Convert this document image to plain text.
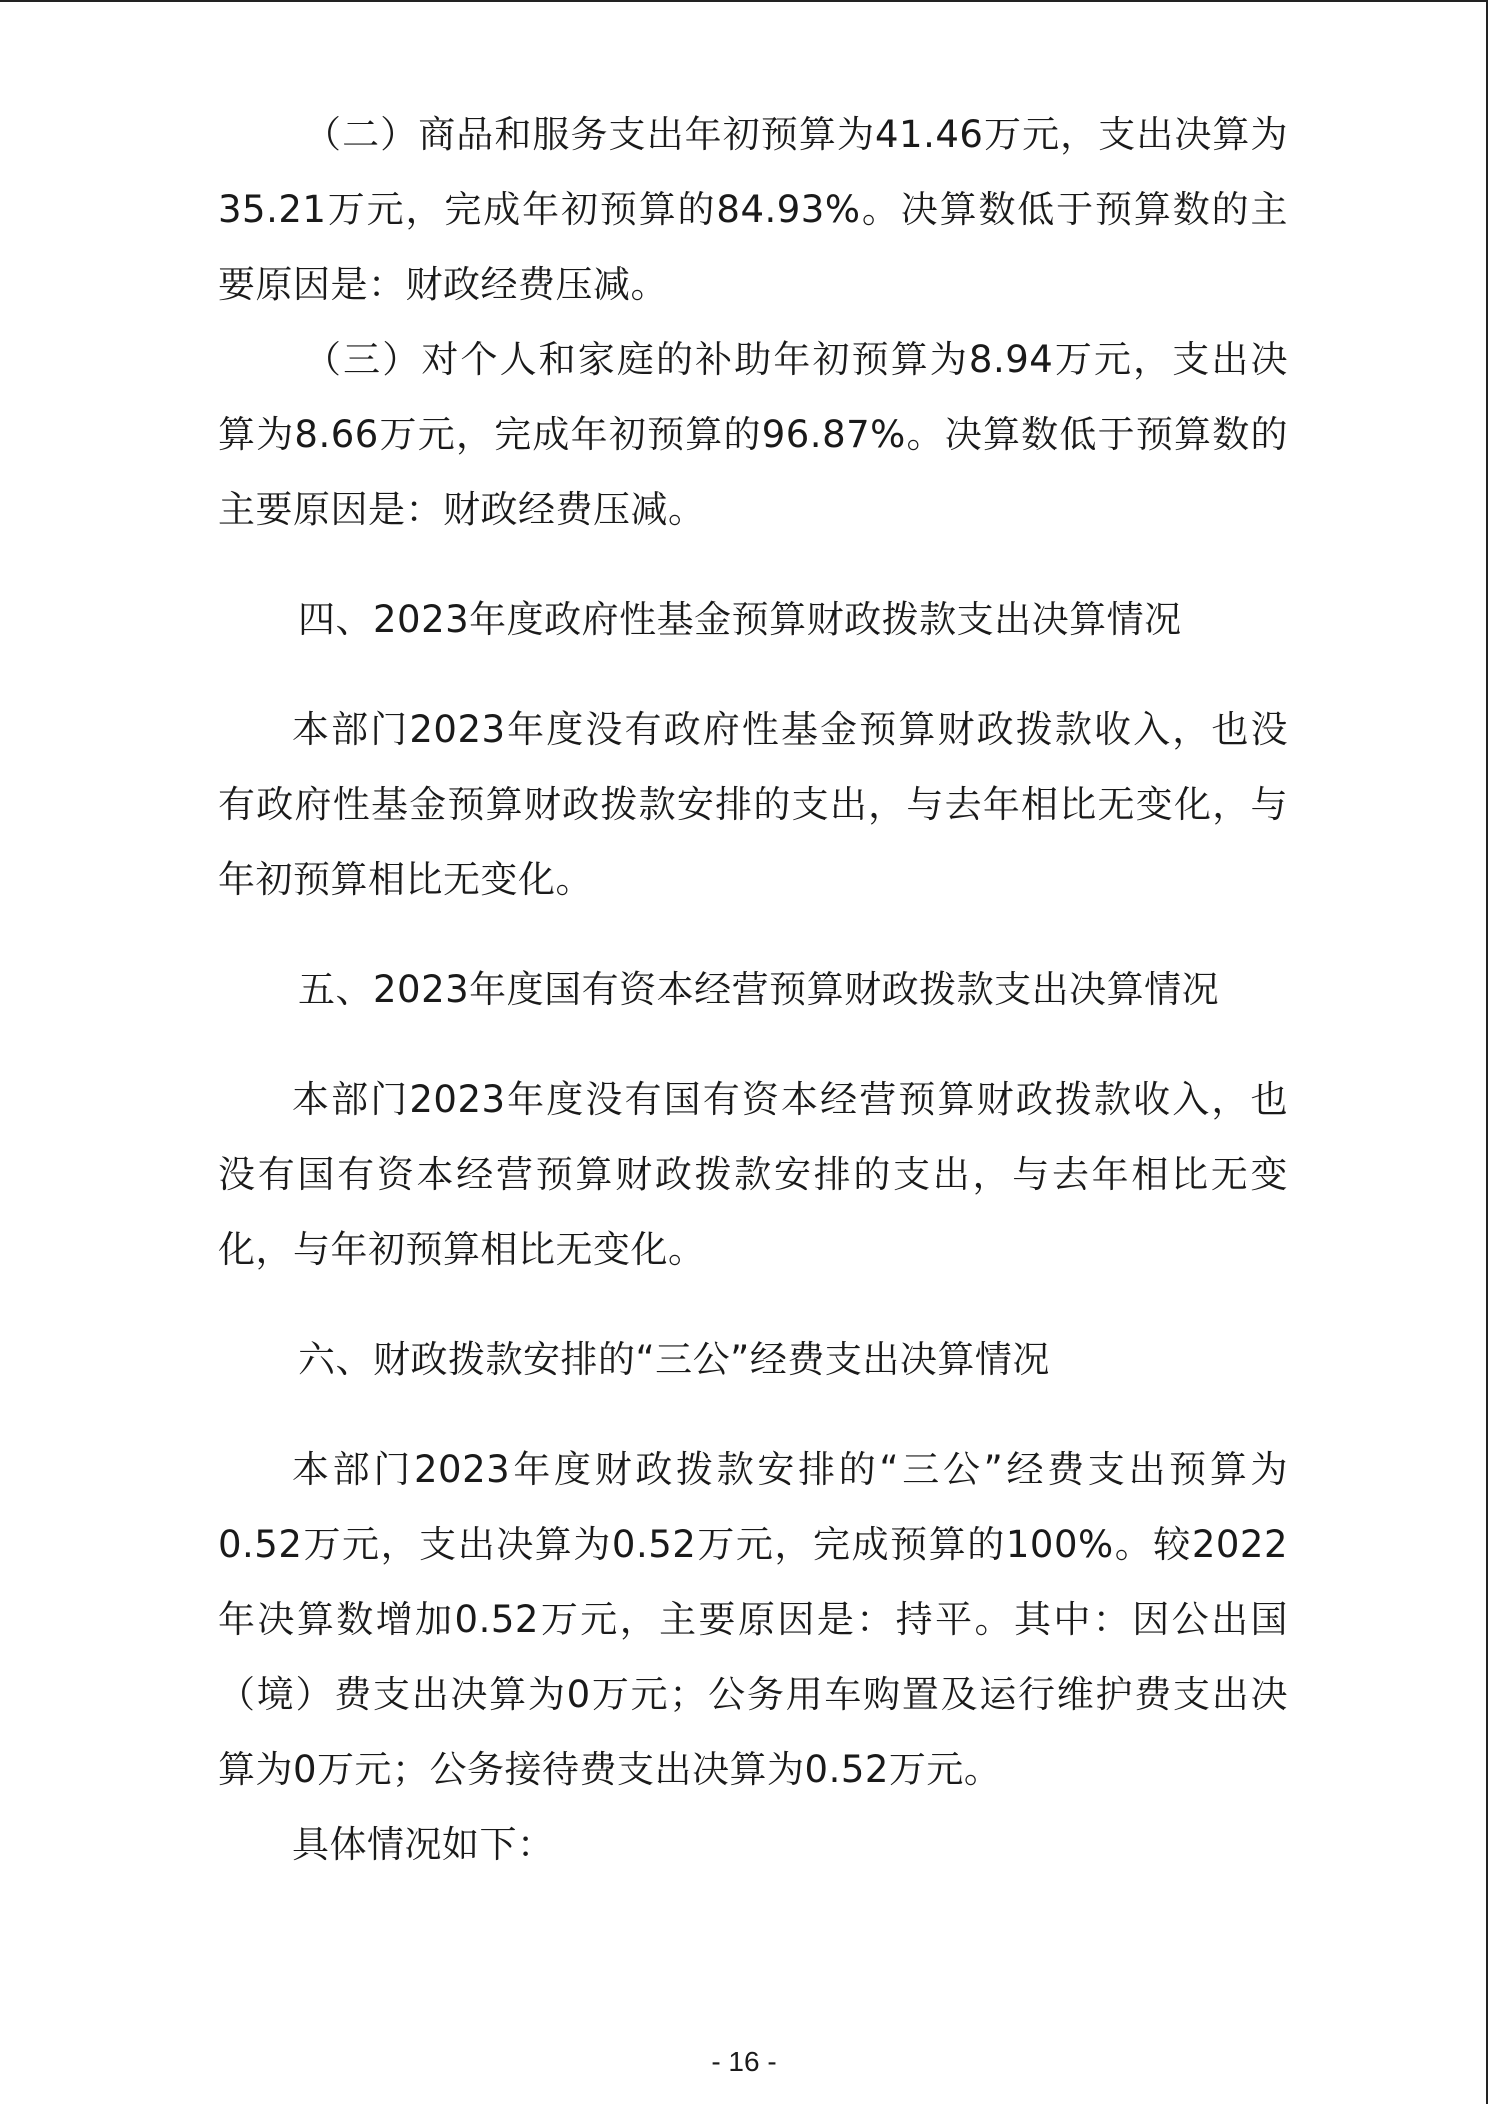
（二）商品和服务支出年初预算为41.46万元，支出决算为35.21万元，完成年初预算的84.93%。决算数低于预算数的主要原因是：财政经费压减。

（三）对个人和家庭的补助年初预算为8.94万元，支出决算为8.66万元，完成年初预算的96.87%。决算数低于预算数的主要原因是：财政经费压减。

四、2023年度政府性基金预算财政拨款支出决算情况

本部门2023年度没有政府性基金预算财政拨款收入，也没有政府性基金预算财政拨款安排的支出，与去年相比无变化，与年初预算相比无变化。

五、2023年度国有资本经营预算财政拨款支出决算情况

本部门2023年度没有国有资本经营预算财政拨款收入，也没有国有资本经营预算财政拨款安排的支出，与去年相比无变化，与年初预算相比无变化。

六、财政拨款安排的“三公”经费支出决算情况

本部门2023年度财政拨款安排的“三公”经费支出预算为0.52万元，支出决算为0.52万元，完成预算的100%。较2022年决算数增加0.52万元，主要原因是：持平。其中：因公出国（境）费支出决算为0万元；公务用车购置及运行维护费支出决算为0万元；公务接待费支出决算为0.52万元。

具体情况如下：

- 16 -
